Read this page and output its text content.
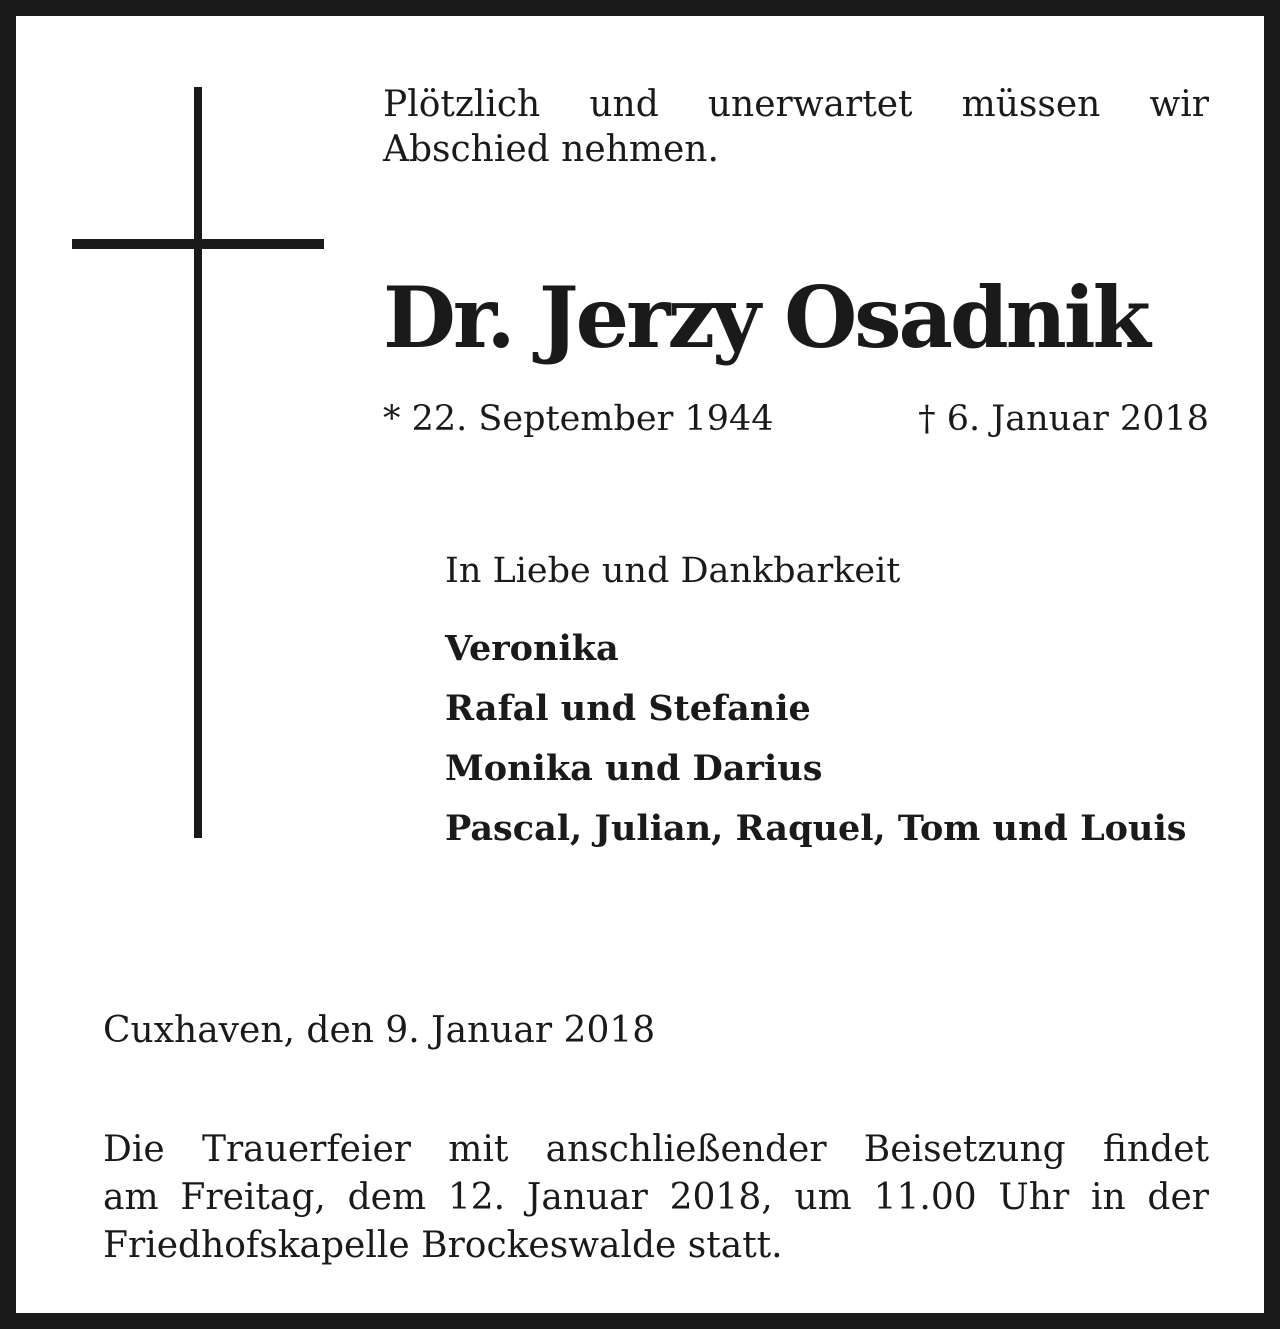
Plötzlich und unerwartet müssen wir
Abschied nehmen.

Dr. Jerzy Osadnik
* 22. September 1944	† 6. Januar 2018
In Liebe und Dankbarkeit
Veronika
Rafal und Stefanie
Monika und Darius
Pascal, Julian, Raquel, Tom und Louis
Cuxhaven, den 9. Januar 2018

Die Trauerfeier mit anschließender Beisetzung findet
am Freitag, dem 12. Januar 2018, um 11.00 Uhr in der
Friedhofskapelle Brockeswalde statt.
